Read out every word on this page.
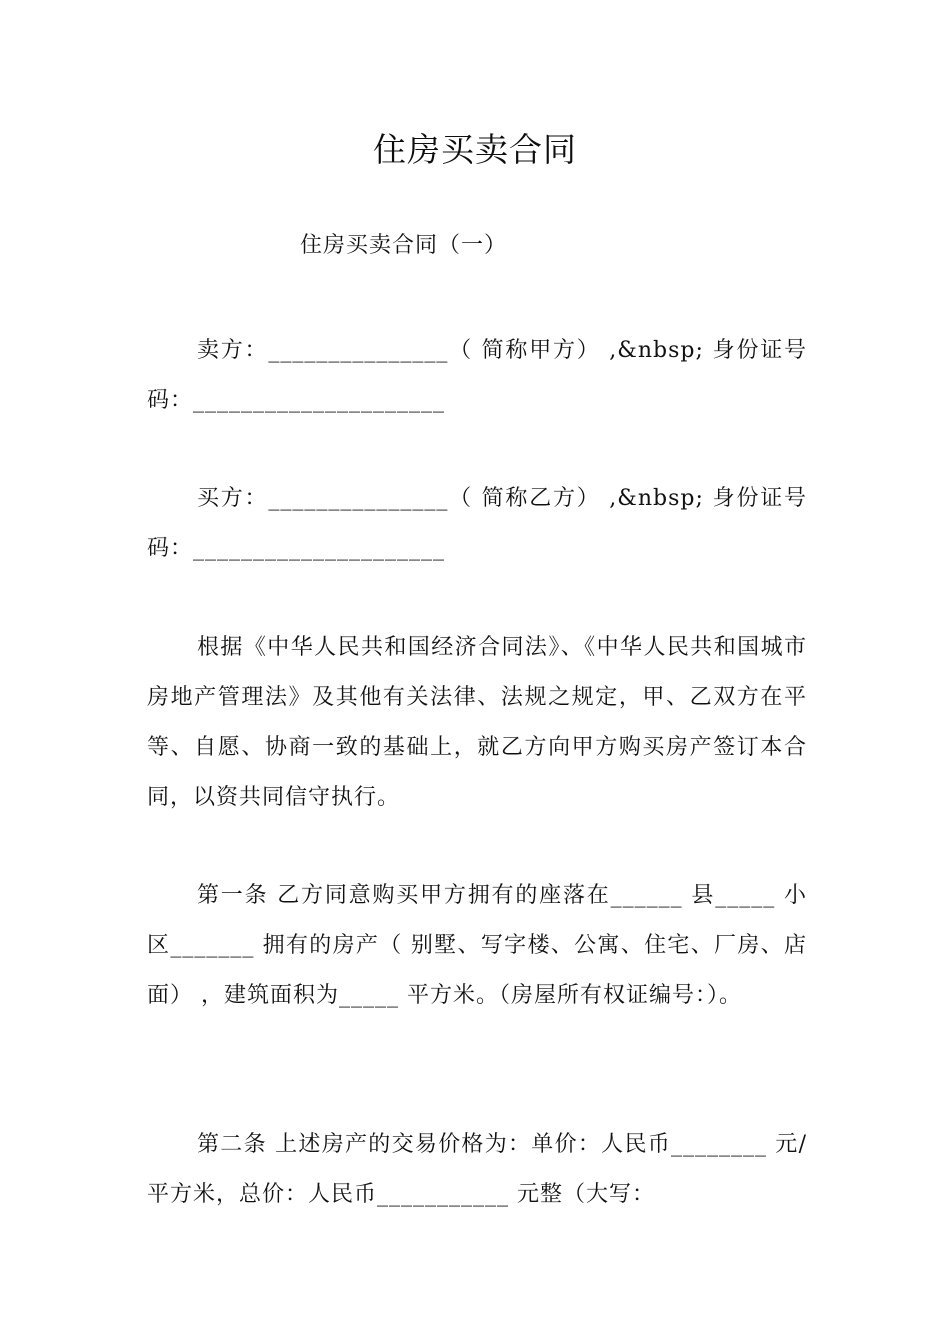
住房买卖合同
住房买卖合同（一）
卖方：_______________（ 简称甲方） ,&nbsp; 身份证号码：_____________________
买方：_______________（ 简称乙方） ,&nbsp; 身份证号码：_____________________
根据《中华人民共和国经济合同法》、《中华人民共和国城市房地产管理法》及其他有关法律、法规之规定，甲、乙双方在平等、自愿、协商一致的基础上，就乙方向甲方购买房产签订本合同，以资共同信守执行。
第一条 乙方同意购买甲方拥有的座落在______ 县_____ 小区_______ 拥有的房产（ 别墅、写字楼、公寓、住宅、厂房、店面） ，建筑面积为_____ 平方米。（房屋所有权证编号：）。
第二条 上述房产的交易价格为：单价：人民币________ 元/ 平方米，总价：人民币___________ 元整（大写：
